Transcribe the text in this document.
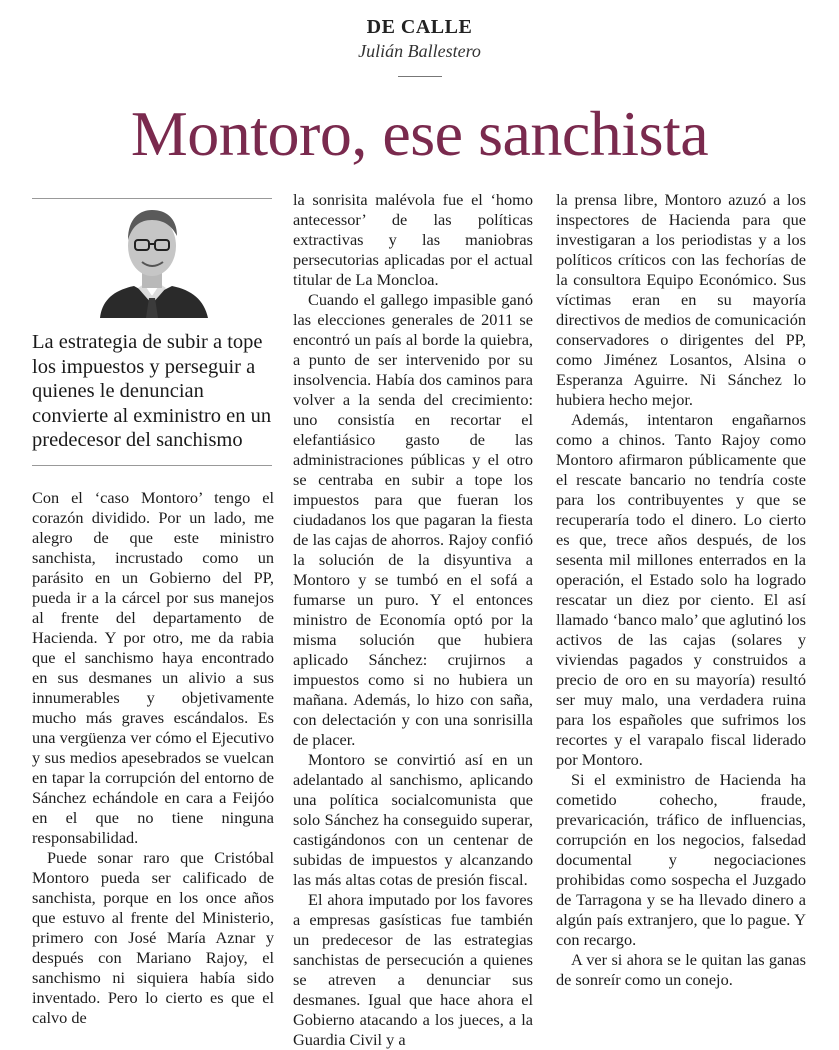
DE CALLE
Julián Ballestero
Montoro, ese sanchista

La estrategia de subir a tope los impuestos y perseguir a quienes le denuncian convierte al exministro en un predecesor del sanchismo

Con el ‘caso Montoro’ tengo el corazón dividido. Por un lado, me alegro de que este ministro sanchista, incrustado como un parásito en un Gobierno del PP, pueda ir a la cárcel por sus manejos al frente del departamento de Hacienda. Y por otro, me da rabia que el sanchismo haya encontrado en sus desmanes un alivio a sus innumerables y objetivamente mucho más graves escándalos. Es una vergüenza ver cómo el Ejecutivo y sus medios apesebrados se vuelcan en tapar la corrupción del entorno de Sánchez echándole en cara a Feijóo en el que no tiene ninguna responsabilidad.

Puede sonar raro que Cristóbal Montoro pueda ser calificado de sanchista, porque en los once años que estuvo al frente del Ministerio, primero con José María Aznar y después con Mariano Rajoy, el sanchismo ni siquiera había sido inventado. Pero lo cierto es que el calvo de

la sonrisita malévola fue el ‘homo antecessor’ de las políticas extractivas y las maniobras persecutorias aplicadas por el actual titular de La Moncloa.

Cuando el gallego impasible ganó las elecciones generales de 2011 se encontró un país al borde la quiebra, a punto de ser intervenido por su insolvencia. Había dos caminos para volver a la senda del crecimiento: uno consistía en recortar el elefantiásico gasto de las administraciones públicas y el otro se centraba en subir a tope los impuestos para que fueran los ciudadanos los que pagaran la fiesta de las cajas de ahorros. Rajoy confió la solución de la disyuntiva a Montoro y se tumbó en el sofá a fumarse un puro. Y el entonces ministro de Economía optó por la misma solución que hubiera aplicado Sánchez: crujirnos a impuestos como si no hubiera un mañana. Además, lo hizo con saña, con delectación y con una sonrisilla de placer.

Montoro se convirtió así en un adelantado al sanchismo, aplicando una política socialcomunista que solo Sánchez ha conseguido superar, castigándonos con un centenar de subidas de impuestos y alcanzando las más altas cotas de presión fiscal.

El ahora imputado por los favores a empresas gasísticas fue también un predecesor de las estrategias sanchistas de persecución a quienes se atreven a denunciar sus desmanes. Igual que hace ahora el Gobierno atacando a los jueces, a la Guardia Civil y a

la prensa libre, Montoro azuzó a los inspectores de Hacienda para que investigaran a los periodistas y a los políticos críticos con las fechorías de la consultora Equipo Económico. Sus víctimas eran en su mayoría directivos de medios de comunicación conservadores o dirigentes del PP, como Jiménez Losantos, Alsina o Esperanza Aguirre. Ni Sánchez lo hubiera hecho mejor.

Además, intentaron engañarnos como a chinos. Tanto Rajoy como Montoro afirmaron públicamente que el rescate bancario no tendría coste para los contribuyentes y que se recuperaría todo el dinero. Lo cierto es que, trece años después, de los sesenta mil millones enterrados en la operación, el Estado solo ha logrado rescatar un diez por ciento. El así llamado ‘banco malo’ que aglutinó los activos de las cajas (solares y viviendas pagados y construidos a precio de oro en su mayoría) resultó ser muy malo, una verdadera ruina para los españoles que sufrimos los recortes y el varapalo fiscal liderado por Montoro.

Si el exministro de Hacienda ha cometido cohecho, fraude, prevaricación, tráfico de influencias, corrupción en los negocios, falsedad documental y negociaciones prohibidas como sospecha el Juzgado de Tarragona y se ha llevado dinero a algún país extranjero, que lo pague. Y con recargo.

A ver si ahora se le quitan las ganas de sonreír como un conejo.
